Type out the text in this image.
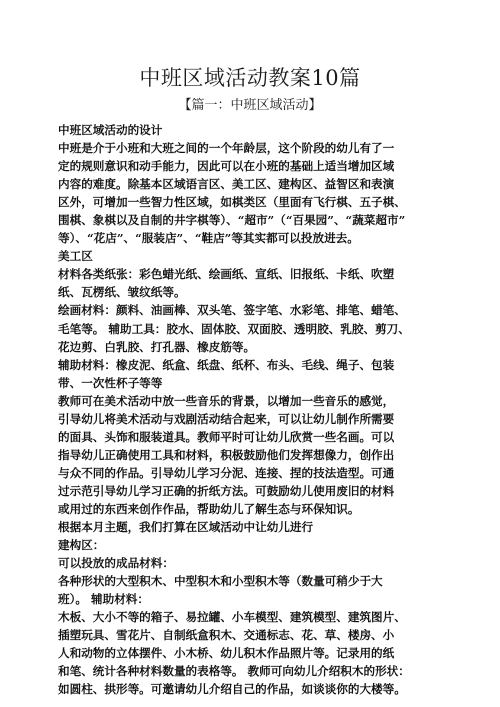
中班区域活动教案10篇
【篇一：中班区域活动】
中班区域活动的设计
中班是介于小班和大班之间的一个年龄层，这个阶段的幼儿有了一
定的规则意识和动手能力，因此可以在小班的基础上适当增加区域
内容的难度。除基本区域语言区、美工区、建构区、益智区和表演
区外，可增加一些智力性区域，如棋类区（里面有飞行棋、五子棋、
围棋、象棋以及自制的井字棋等）、“超市”（“百果园”、“蔬菜超市”
等）、“花店”、“服装店”、“鞋店”等其实都可以投放进去。
美工区
材料各类纸张：彩色蜡光纸、绘画纸、宣纸、旧报纸、卡纸、吹塑
纸、瓦楞纸、皱纹纸等。
绘画材料：颜料、油画棒、双头笔、签字笔、水彩笔、排笔、蜡笔、
毛笔等。 辅助工具：胶水、固体胶、双面胶、透明胶、乳胶、剪刀、
花边剪、白乳胶、打孔器、橡皮筋等。
辅助材料：橡皮泥、纸盒、纸盘、纸杯、布头、毛线、绳子、包装
带、一次性杯子等等
教师可在美术活动中放一些音乐的背景，以增加一些音乐的感觉，
引导幼儿将美术活动与戏剧活动结合起来，可以让幼儿制作所需要
的面具、头饰和服装道具。教师平时可让幼儿欣赏一些名画。可以
指导幼儿正确使用工具和材料，积极鼓励他们发挥想像力，创作出
与众不同的作品。引导幼儿学习分泥、连接、捏的技法造型。可通
过示范引导幼儿学习正确的折纸方法。可鼓励幼儿使用废旧的材料
或用过的东西来创作作品，帮助幼儿了解生态与环保知识。
根据本月主题，我们打算在区域活动中让幼儿进行
建构区：
可以投放的成品材料：
各种形状的大型积木、中型积木和小型积木等（数量可稍少于大
班）。 辅助材料：
木板、大小不等的箱子、易拉罐、小车模型、建筑模型、建筑图片、
插塑玩具、雪花片、自制纸盒积木、交通标志、花、草、楼房、小
人和动物的立体摆件、小木桥、幼儿积木作品照片等。记录用的纸
和笔、统计各种材料数量的表格等。 教师可向幼儿介绍积木的形状：
如圆柱、拱形等。可邀请幼儿介绍自己的作品，如谈谈你的大楼等。
